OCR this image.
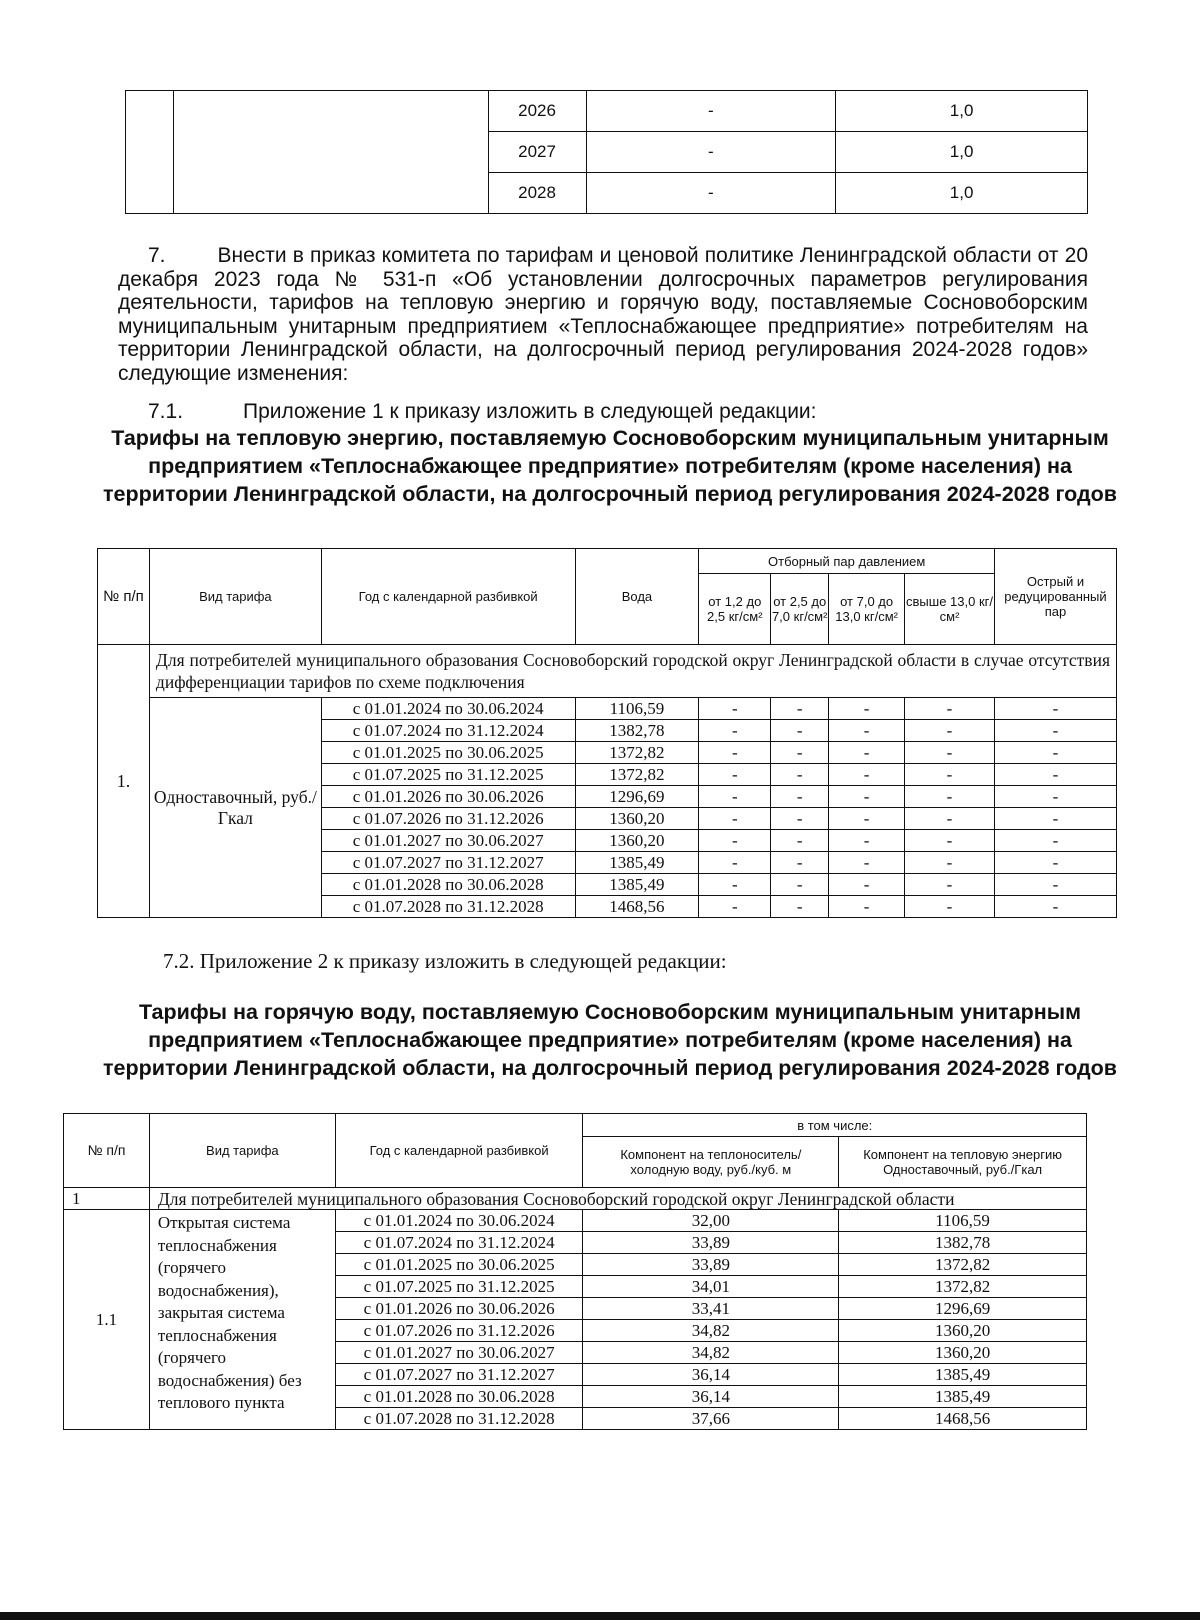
		2026	-	1,0
		2027	-	1,0
		2028	-	1,0
7. Внести в приказ комитета по тарифам и ценовой политике Ленинградской области от 20 декабря 2023 года № 531-п «Об установлении долгосрочных параметров регулирования деятельности, тарифов на тепловую энергию и горячую воду, поставляемые Сосновоборским муниципальным унитарным предприятием «Теплоснабжающее предприятие» потребителям на территории Ленинградской области, на долгосрочный период регулирования 2024-2028 годов» следующие изменения:
7.1.	Приложение 1 к приказу изложить в следующей редакции:
Тарифы на тепловую энергию, поставляемую Сосновоборским муниципальным унитарным предприятием «Теплоснабжающее предприятие» потребителям (кроме населения) на территории Ленинградской области, на долгосрочный период регулирования 2024-2028 годов
№ п/п	Вид тарифа	Год с календарной разбивкой	Вода	Отборный пар давлением				Острый и редуцированный пар
				от 1,2 до 2,5 кг/см²	от 2,5 до 7,0 кг/см²	от 7,0 до 13,0 кг/см²	свыше 13,0 кг/см²	
1.	Для потребителей муниципального образования Сосновоборский городской округ Ленинградской области в случае отсутствия дифференциации тарифов по схеме подключения							
	Одноставочный, руб./Гкал	с 01.01.2024 по 30.06.2024	1106,59	-	-	-	-	-
		с 01.07.2024 по 31.12.2024	1382,78	-	-	-	-	-
		с 01.01.2025 по 30.06.2025	1372,82	-	-	-	-	-
		с 01.07.2025 по 31.12.2025	1372,82	-	-	-	-	-
		с 01.01.2026 по 30.06.2026	1296,69	-	-	-	-	-
		с 01.07.2026 по 31.12.2026	1360,20	-	-	-	-	-
		с 01.01.2027 по 30.06.2027	1360,20	-	-	-	-	-
		с 01.07.2027 по 31.12.2027	1385,49	-	-	-	-	-
		с 01.01.2028 по 30.06.2028	1385,49	-	-	-	-	-
		с 01.07.2028 по 31.12.2028	1468,56	-	-	-	-	-
7.2. Приложение 2 к приказу изложить в следующей редакции:
Тарифы на горячую воду, поставляемую Сосновоборским муниципальным унитарным предприятием «Теплоснабжающее предприятие» потребителям (кроме населения) на территории Ленинградской области, на долгосрочный период регулирования 2024-2028 годов
№ п/п	Вид тарифа	Год с календарной разбивкой	в том числе:	
			Компонент на теплоноситель/холодную воду, руб./куб. м	Компонент на тепловую энергию Одноставочный, руб./Гкал
1	Для потребителей муниципального образования Сосновоборский городской округ Ленинградской области			
1.1	Открытая система теплоснабжения (горячего водоснабжения), закрытая система теплоснабжения (горячего водоснабжения) без теплового пункта	с 01.01.2024 по 30.06.2024	32,00	1106,59
		с 01.07.2024 по 31.12.2024	33,89	1382,78
		с 01.01.2025 по 30.06.2025	33,89	1372,82
		с 01.07.2025 по 31.12.2025	34,01	1372,82
		с 01.01.2026 по 30.06.2026	33,41	1296,69
		с 01.07.2026 по 31.12.2026	34,82	1360,20
		с 01.01.2027 по 30.06.2027	34,82	1360,20
		с 01.07.2027 по 31.12.2027	36,14	1385,49
		с 01.01.2028 по 30.06.2028	36,14	1385,49
		с 01.07.2028 по 31.12.2028	37,66	1468,56
